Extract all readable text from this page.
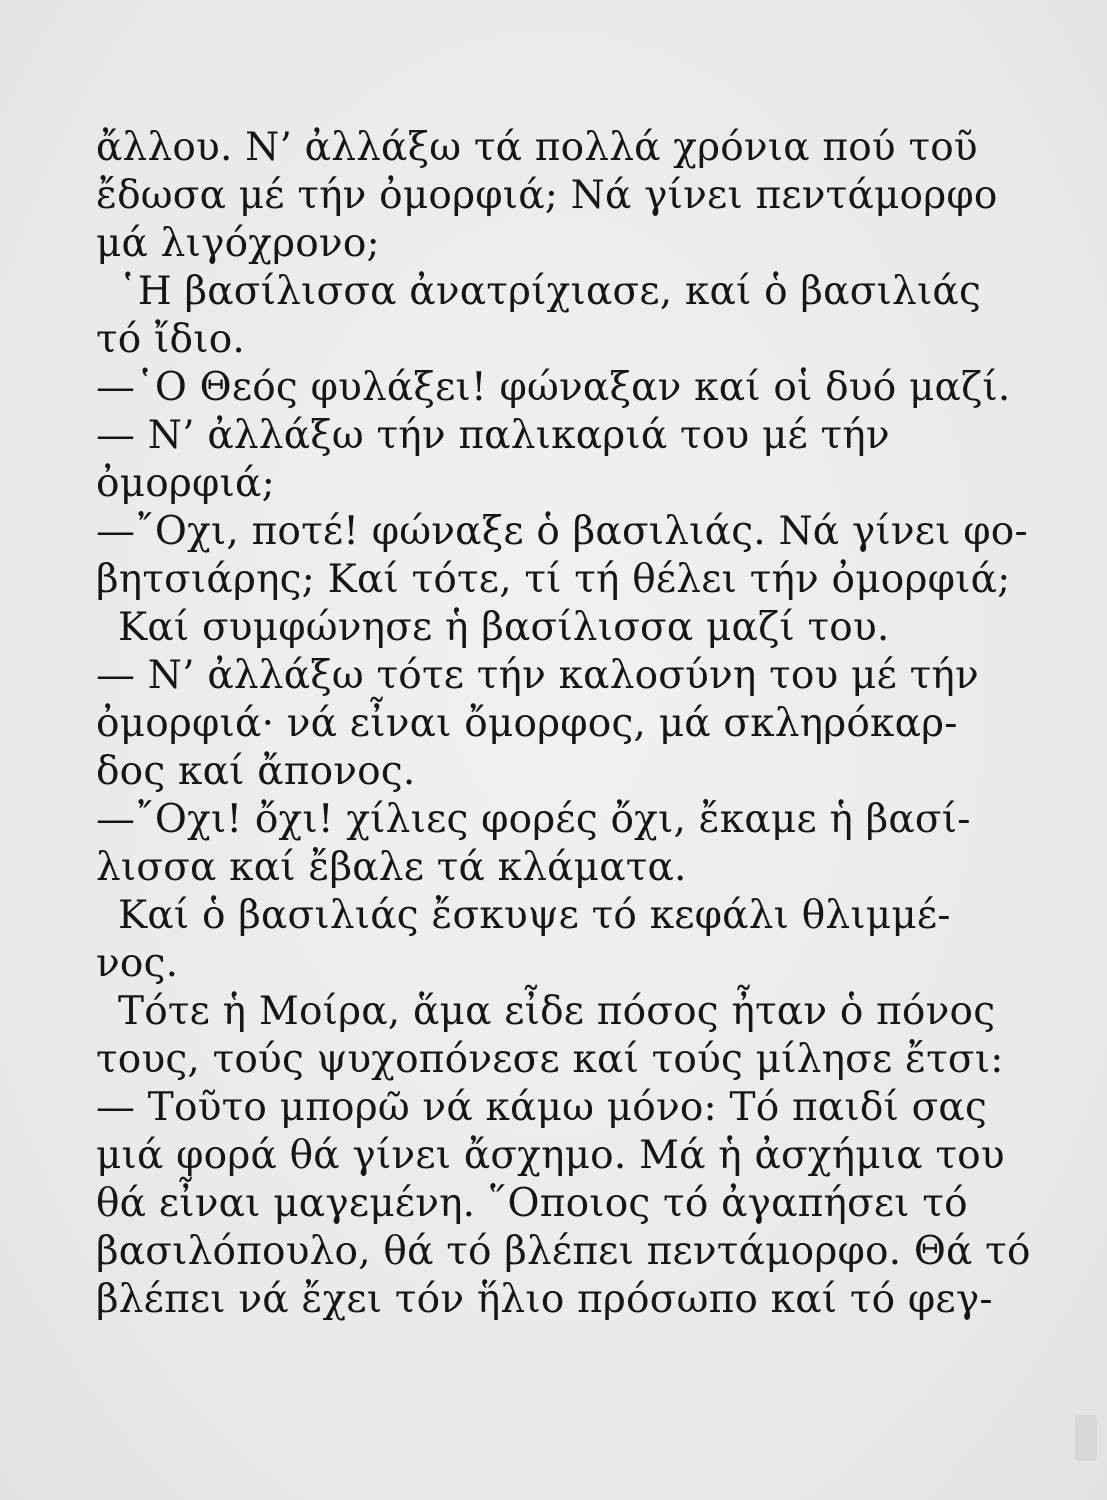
ἄλλου. Ν’ ἀλλάξω τά πολλά χρόνια πού τοῦ
ἔδωσα μέ τήν ὀμορφιά; Νά γίνει πεντάμορφο
μά λιγόχρονο;
῾Η βασίλισσα ἀνατρίχιασε, καί ὁ βασιλιάς
τό ἴδιο.
—῾Ο Θεός φυλάξει! φώναξαν καί οἱ δυό μαζί.
— Ν’ ἀλλάξω τήν παλικαριά του μέ τήν
ὀμορφιά;
—῎Οχι, ποτέ! φώναξε ὁ βασιλιάς. Νά γίνει φο-
βητσιάρης; Καί τότε, τί τή θέλει τήν ὀμορφιά;
Καί συμφώνησε ἡ βασίλισσα μαζί του.
— Ν’ ἀλλάξω τότε τήν καλοσύνη του μέ τήν
ὀμορφιά· νά εἶναι ὄμορφος, μά σκληρόκαρ-
δος καί ἄπονος.
—῎Οχι! ὄχι! χίλιες φορές ὄχι, ἔκαμε ἡ βασί-
λισσα καί ἔβαλε τά κλάματα.
Καί ὁ βασιλιάς ἔσκυψε τό κεφάλι θλιμμέ-
νος.
Τότε ἡ Μοίρα, ἅμα εἶδε πόσος ἦταν ὁ πόνος
τους, τούς ψυχοπόνεσε καί τούς μίλησε ἔτσι:
— Τοῦτο μπορῶ νά κάμω μόνο: Τό παιδί σας
μιά φορά θά γίνει ἄσχημο. Μά ἡ ἀσχήμια του
θά εἶναι μαγεμένη. ῞Οποιος τό ἀγαπήσει τό
βασιλόπουλο, θά τό βλέπει πεντάμορφο. Θά τό
βλέπει νά ἔχει τόν ἥλιο πρόσωπο καί τό φεγ-
